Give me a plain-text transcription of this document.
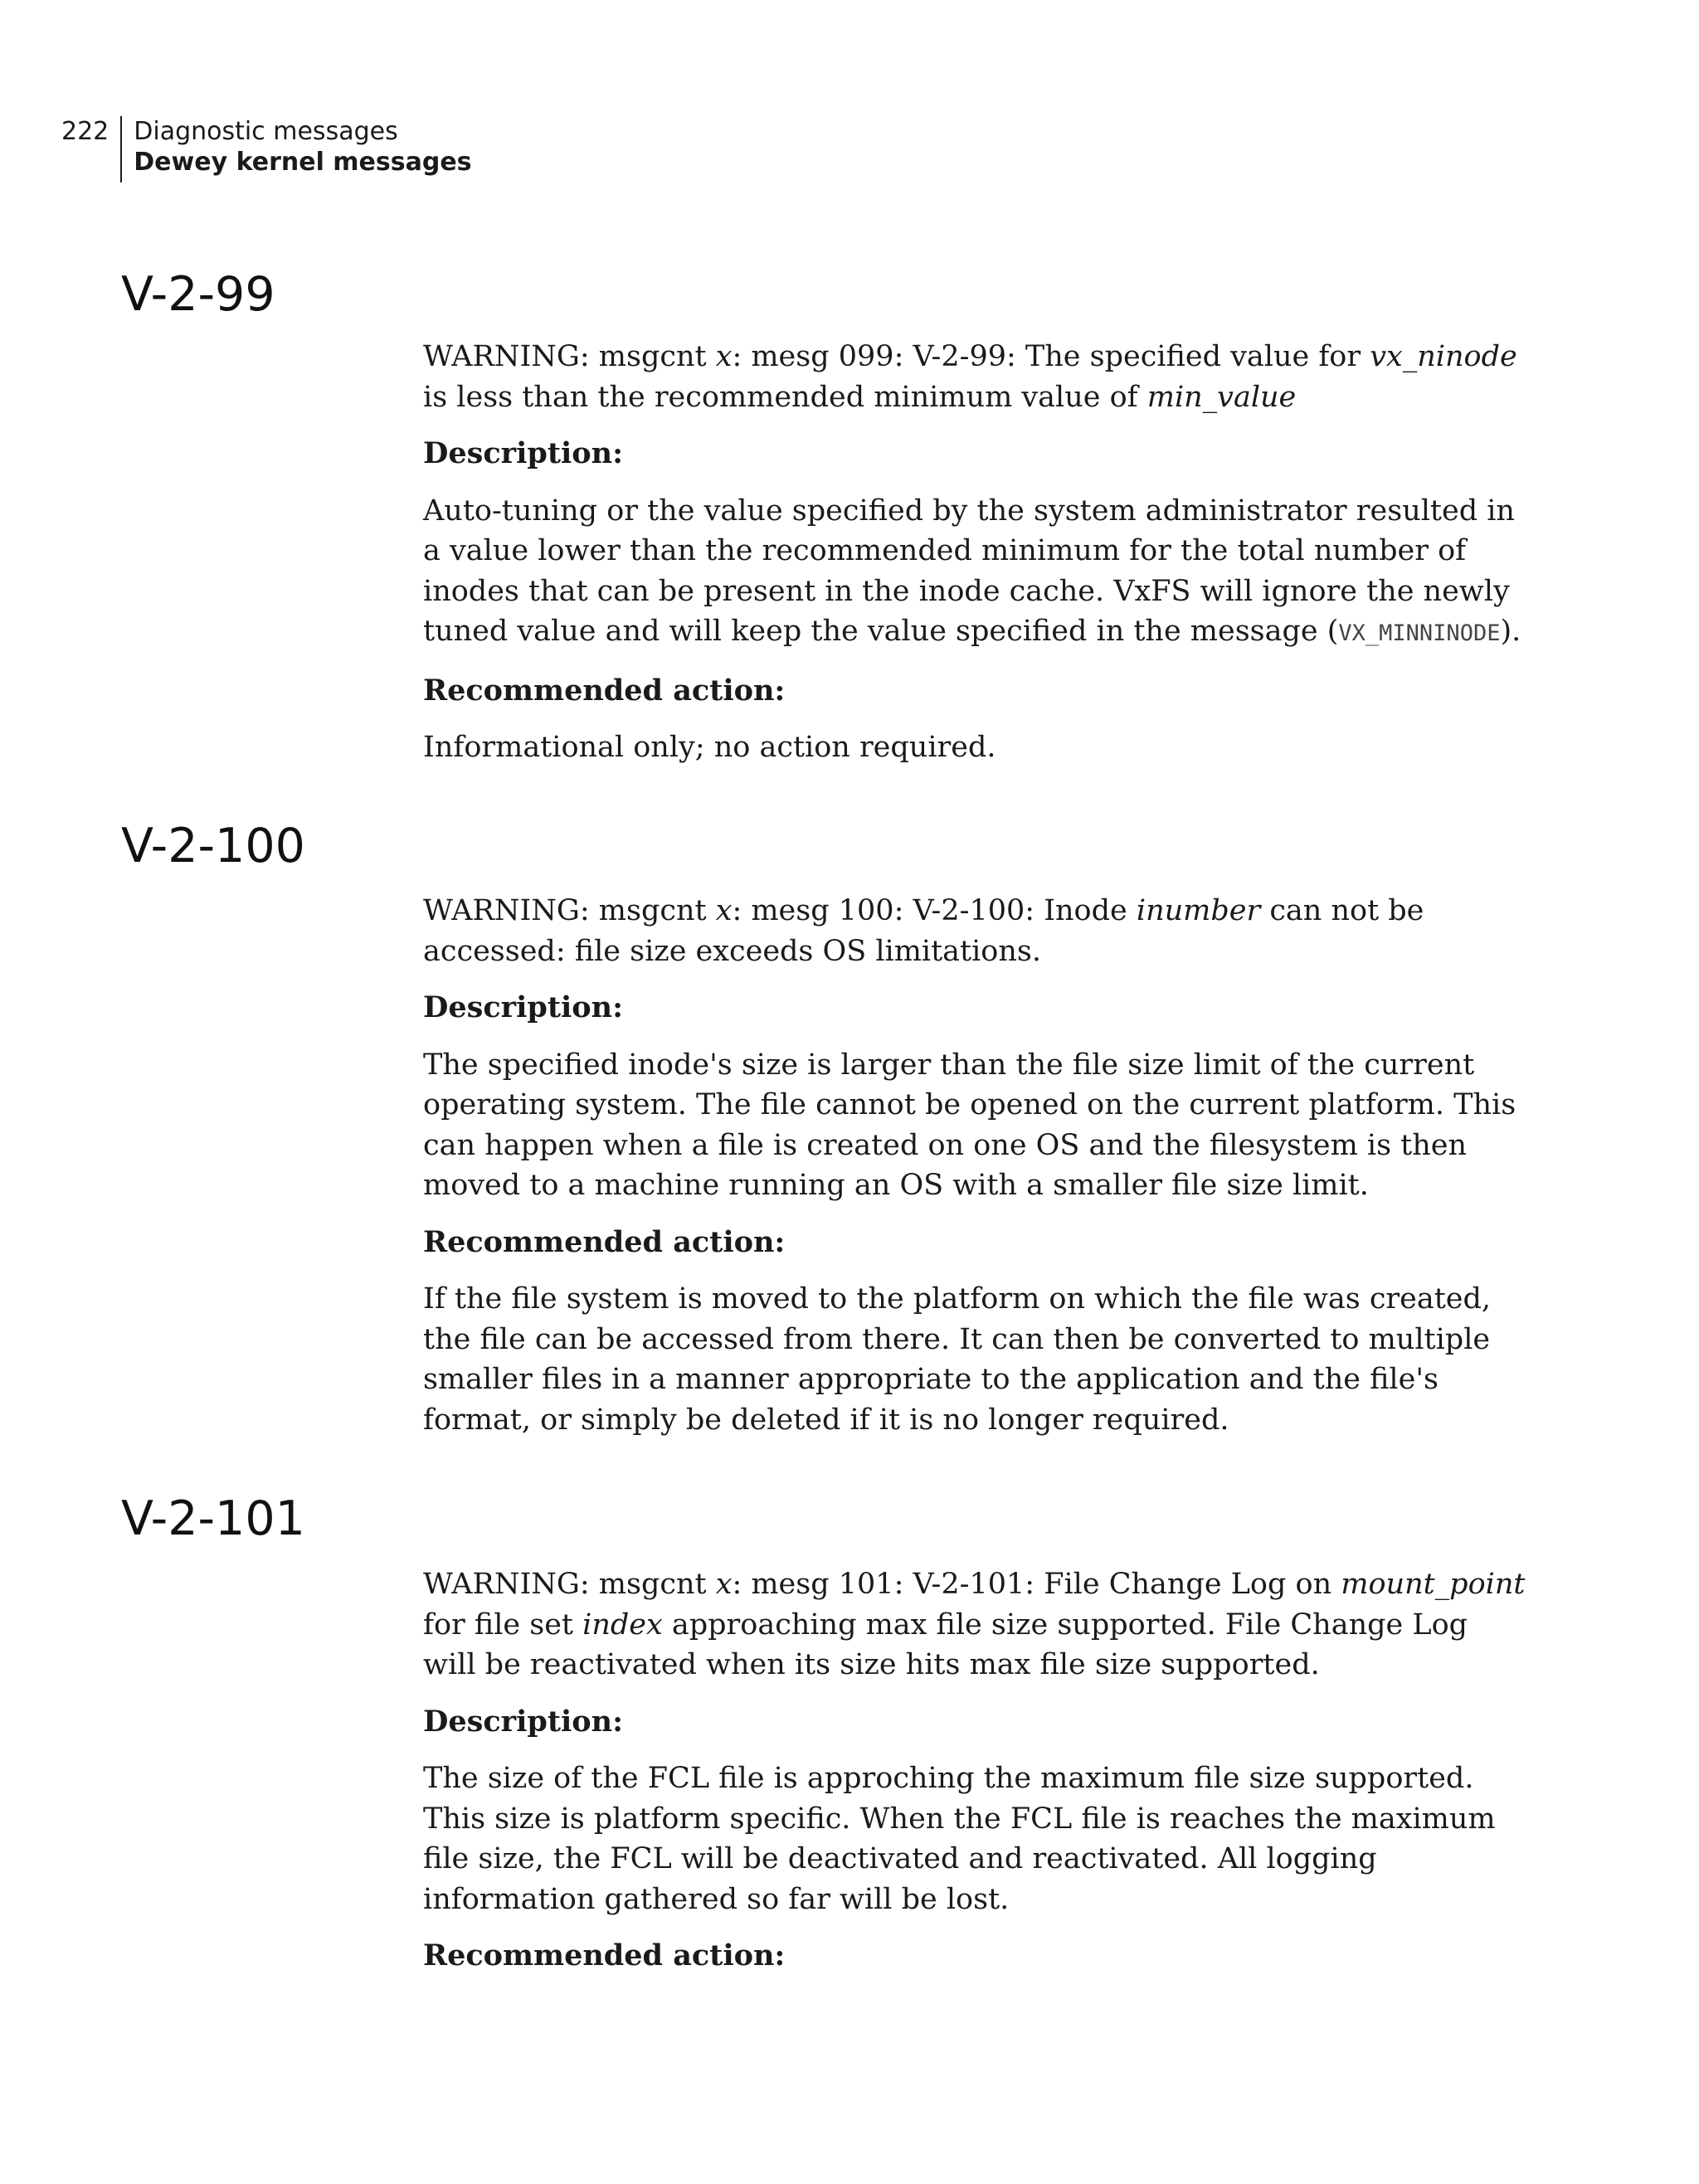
222	Diagnostic messages
Dewey kernel messages
V-2-99

WARNING: msgcnt x: mesg 099: V-2-99: The specified value for vx_ninode is less than the recommended minimum value of min_value

Description:

Auto-tuning or the value specified by the system administrator resulted in a value lower than the recommended minimum for the total number of inodes that can be present in the inode cache. VxFS will ignore the newly tuned value and will keep the value specified in the message (VX_MINNINODE).

Recommended action:

Informational only; no action required.

V-2-100

WARNING: msgcnt x: mesg 100: V-2-100: Inode inumber can not be accessed: file size exceeds OS limitations.

Description:

The specified inode's size is larger than the file size limit of the current operating system. The file cannot be opened on the current platform. This can happen when a file is created on one OS and the filesystem is then moved to a machine running an OS with a smaller file size limit.

Recommended action:

If the file system is moved to the platform on which the file was created, the file can be accessed from there. It can then be converted to multiple smaller files in a manner appropriate to the application and the file's format, or simply be deleted if it is no longer required.

V-2-101

WARNING: msgcnt x: mesg 101: V-2-101: File Change Log on mount_point for file set index approaching max file size supported. File Change Log will be reactivated when its size hits max file size supported.

Description:

The size of the FCL file is approching the maximum file size supported. This size is platform specific. When the FCL file is reaches the maximum file size, the FCL will be deactivated and reactivated. All logging information gathered so far will be lost.

Recommended action:
